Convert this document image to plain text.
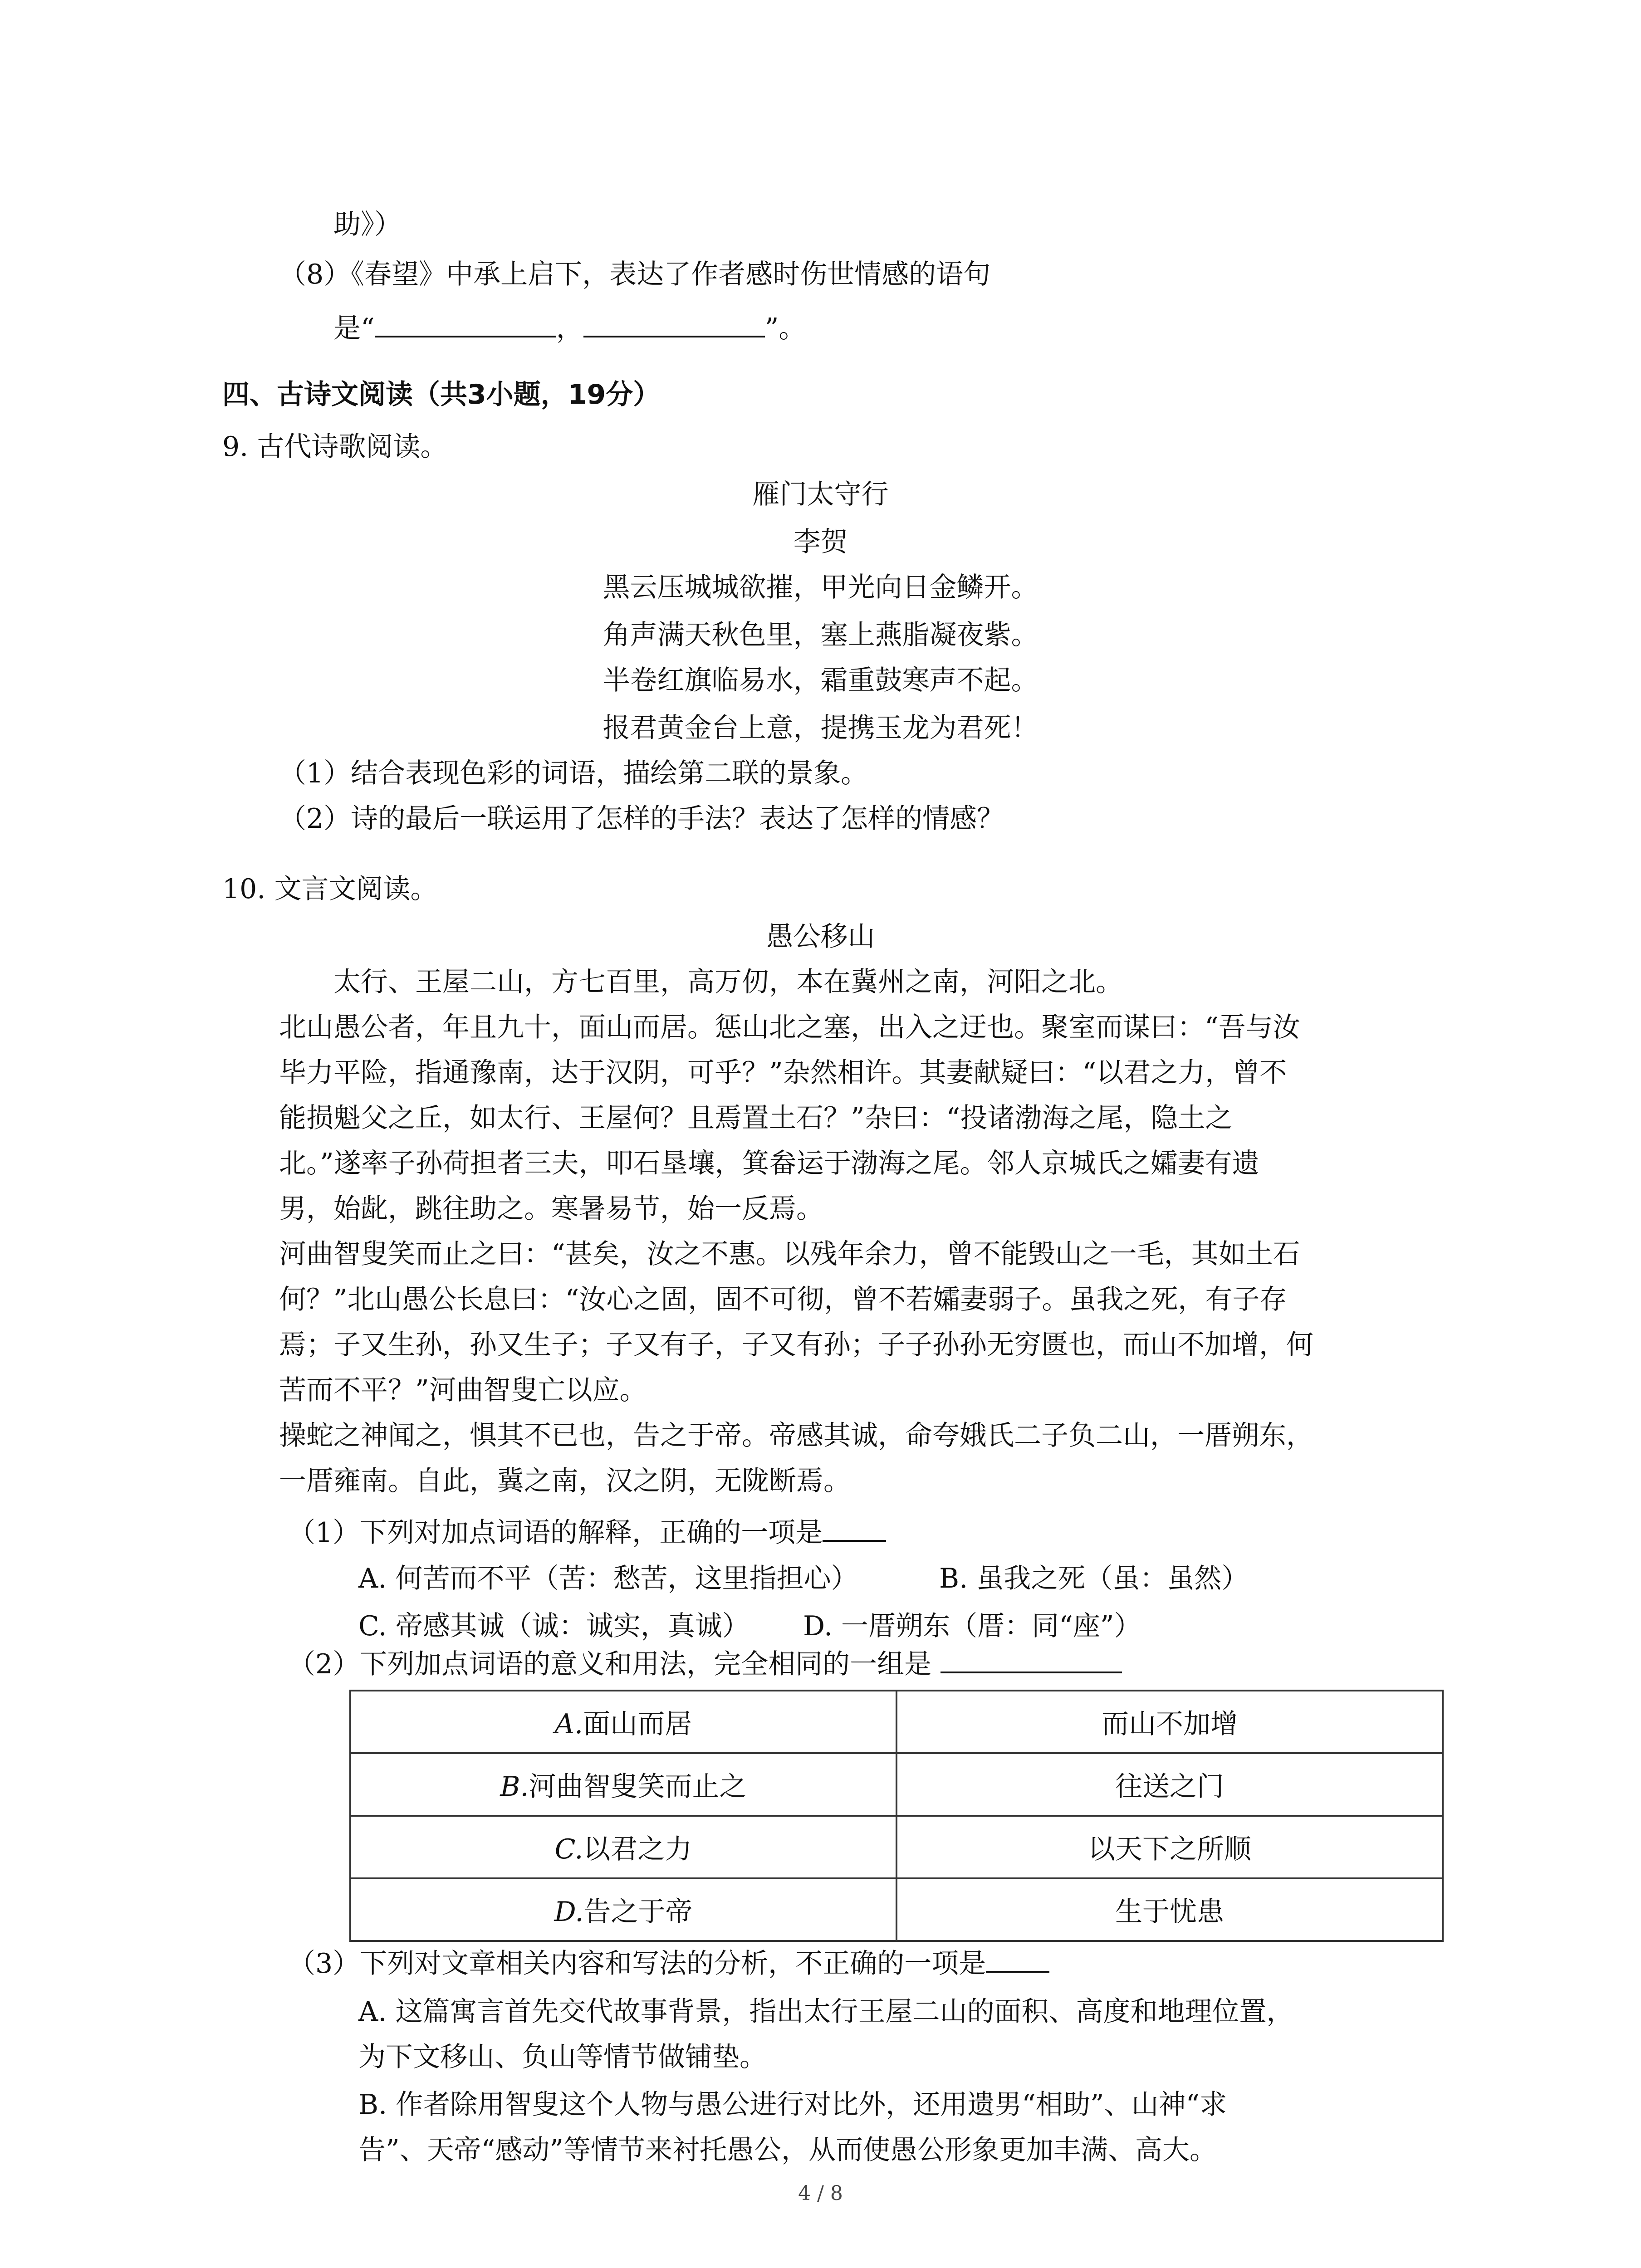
助》）
（8）《春望》中承上启下，表达了作者感时伤世情感的语句
是“	，	”。
四、古诗文阅读（共3小题，19分）
9. 古代诗歌阅读。
雁门太守行
李贺
黑云压城城欲摧，甲光向日金鳞开。
角声满天秋色里，塞上燕脂凝夜紫。
半卷红旗临易水，霜重鼓寒声不起。
报君黄金台上意，提携玉龙为君死！
（1）结合表现色彩的词语，描绘第二联的景象。
（2）诗的最后一联运用了怎样的手法？表达了怎样的情感？
10. 文言文阅读。
愚公移山
太行、王屋二山，方七百里，高万仞，本在冀州之南，河阳之北。
北山愚公者，年且九十，面山而居。惩山北之塞，出入之迂也。聚室而谋曰：“吾与汝
毕力平险，指通豫南，达于汉阴，可乎？”杂然相许。其妻献疑曰：“以君之力，曾不
能损魁父之丘，如太行、王屋何？且焉置土石？”杂曰：“投诸渤海之尾，隐土之
北。”遂率子孙荷担者三夫，叩石垦壤，箕畚运于渤海之尾。邻人京城氏之孀妻有遗
男，始龀，跳往助之。寒暑易节，始一反焉。
河曲智叟笑而止之曰：“甚矣，汝之不惠。以残年余力，曾不能毁山之一毛，其如土石
何？”北山愚公长息曰：“汝心之固，固不可彻，曾不若孀妻弱子。虽我之死，有子存
焉；子又生孙，孙又生子；子又有子，子又有孙；子子孙孙无穷匮也，而山不加增，何
苦而不平？”河曲智叟亡以应。
操蛇之神闻之，惧其不已也，告之于帝。帝感其诚，命夸娥氏二子负二山，一厝朔东，
一厝雍南。自此，冀之南，汉之阴，无陇断焉。
（1）下列对加点词语的解释，正确的一项是
A. 何苦而不平（苦：愁苦，这里指担心）	B. 虽我之死（虽：虽然）
C. 帝感其诚（诚：诚实，真诚） D. 一厝朔东（厝：同“座”）
（2）下列加点词语的意义和用法，完全相同的一组是
A.面山而居	而山不加增
B.河曲智叟笑而止之	往送之门
C.以君之力	以天下之所顺
D.告之于帝	生于忧患
（3）下列对文章相关内容和写法的分析，不正确的一项是
A. 这篇寓言首先交代故事背景，指出太行王屋二山的面积、高度和地理位置，
为下文移山、负山等情节做铺垫。
B. 作者除用智叟这个人物与愚公进行对比外，还用遗男“相助”、山神“求
告”、天帝“感动”等情节来衬托愚公，从而使愚公形象更加丰满、高大。
4 / 8
